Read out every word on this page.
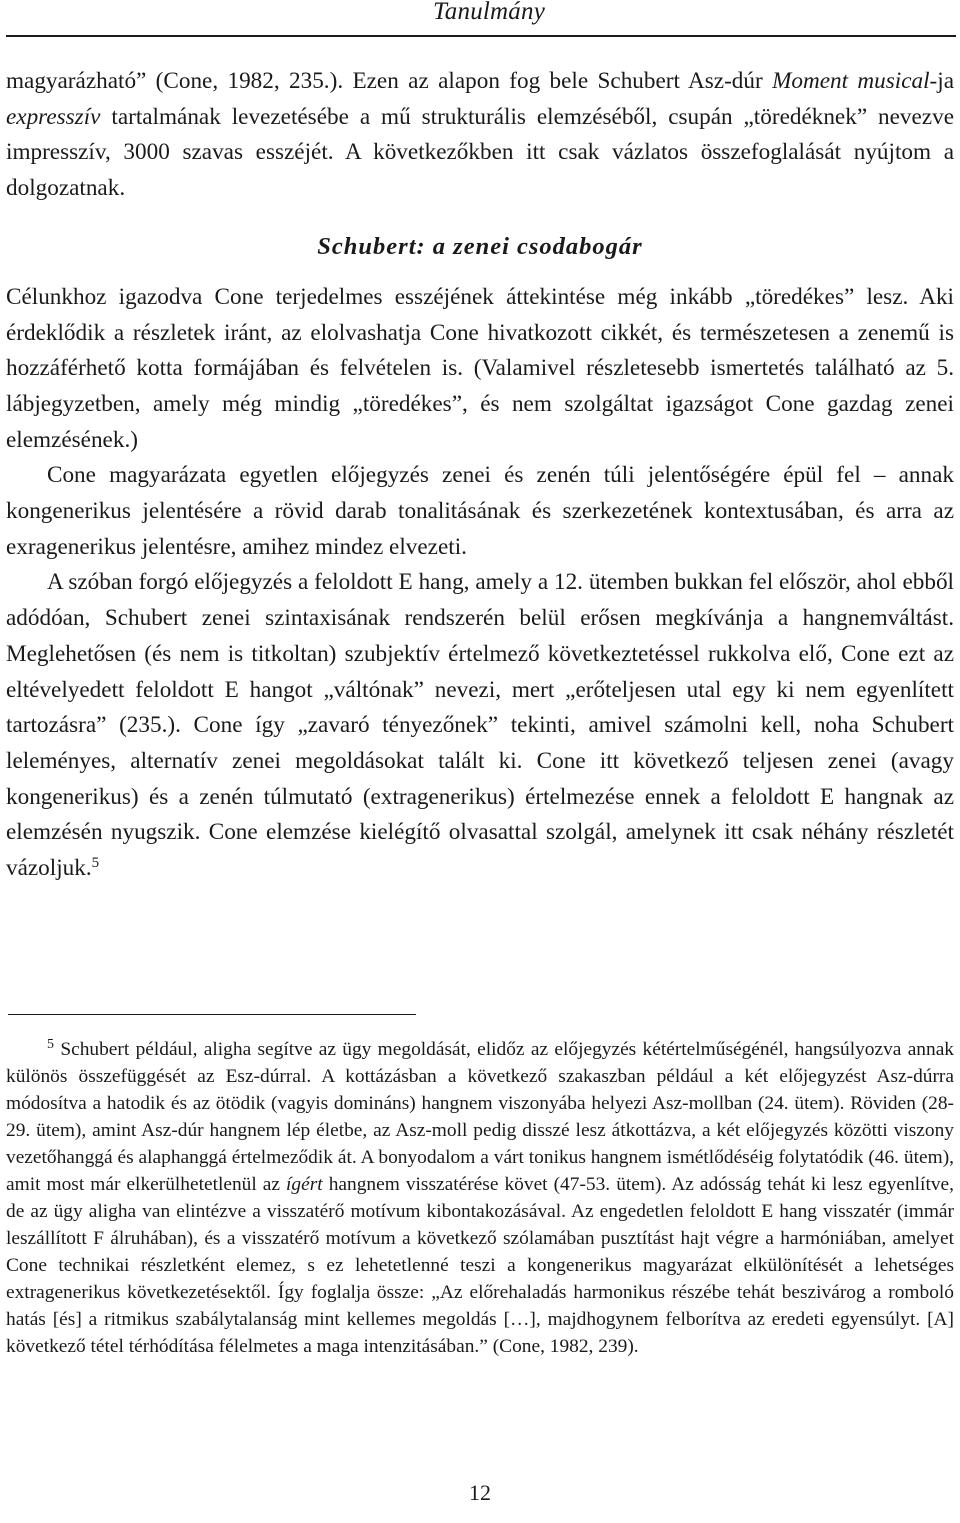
Tanulmány

magyarázható” (Cone, 1982, 235.). Ezen az alapon fog bele Schubert Asz-dúr Moment musical-ja expresszív tartalmának levezetésébe a mű strukturális elemzéséből, csupán „töredéknek” nevezve impresszív, 3000 szavas esszéjét. A következőkben itt csak vázlatos összefoglalását nyújtom a dolgozatnak.

Schubert: a zenei csodabogár

Célunkhoz igazodva Cone terjedelmes esszéjének áttekintése még inkább „töredékes” lesz. Aki érdeklődik a részletek iránt, az elolvashatja Cone hivatkozott cikkét, és természetesen a zenemű is hozzáférhető kotta formájában és felvételen is. (Valamivel részletesebb ismertetés található az 5. lábjegyzetben, amely még mindig „töredékes”, és nem szolgáltat igazságot Cone gazdag zenei elemzésének.)

Cone magyarázata egyetlen előjegyzés zenei és zenén túli jelentőségére épül fel – annak kongenerikus jelentésére a rövid darab tonalitásának és szerkezetének kontextusában, és arra az exragenerikus jelentésre, amihez mindez elvezeti.

A szóban forgó előjegyzés a feloldott E hang, amely a 12. ütemben bukkan fel először, ahol ebből adódóan, Schubert zenei szintaxisának rendszerén belül erősen megkívánja a hangnemváltást. Meglehetősen (és nem is titkoltan) szubjektív értelmező következtetéssel rukkolva elő, Cone ezt az eltévelyedett feloldott E hangot „váltónak” nevezi, mert „erőteljesen utal egy ki nem egyenlített tartozásra” (235.). Cone így „zavaró tényezőnek” tekinti, amivel számolni kell, noha Schubert leleményes, alternatív zenei megoldásokat talált ki. Cone itt következő teljesen zenei (avagy kongenerikus) és a zenén túlmutató (extragenerikus) értelmezése ennek a feloldott E hangnak az elemzésén nyugszik. Cone elemzése kielégítő olvasattal szolgál, amelynek itt csak néhány részletét vázoljuk.$^5$

$^5$ Schubert például, aligha segítve az ügy megoldását, elidőz az előjegyzés kétértelműségénél, hangsúlyozva annak különös összefüggését az Esz-dúrral. A kottázásban a következő szakaszban például a két előjegyzést Asz-dúrra módosítva a hatodik és az ötödik (vagyis domináns) hangnem viszonyába helyezi Asz-mollban (24. ütem). Röviden (28-29. ütem), amint Asz-dúr hangnem lép életbe, az Asz-moll pedig disszé lesz átkottázva, a két előjegyzés közötti viszony vezetőhanggá és alaphanggá értelmeződik át. A bonyodalom a várt tonikus hangnem ismétlődéséig folytatódik (46. ütem), amit most már elkerülhetetlenül az ígért hangnem visszatérése követ (47-53. ütem). Az adósság tehát ki lesz egyenlítve, de az ügy aligha van elintézve a visszatérő motívum kibontakozásával. Az engedetlen feloldott E hang visszatér (immár leszállított F álruhában), és a visszatérő motívum a következő szólamában pusztítást hajt végre a harmóniában, amelyet Cone technikai részletként elemez, s ez lehetetlenné teszi a kongenerikus magyarázat elkülönítését a lehetséges extragenerikus következetésektől. Így foglalja össze: „Az előrehaladás harmonikus részébe tehát beszivárog a romboló hatás [és] a ritmikus szabálytalanság mint kellemes megoldás […], majdhogynem felborítva az eredeti egyensúlyt. [A] következő tétel térhódítása félelmetes a maga intenzitásában.” (Cone, 1982, 239).

12
